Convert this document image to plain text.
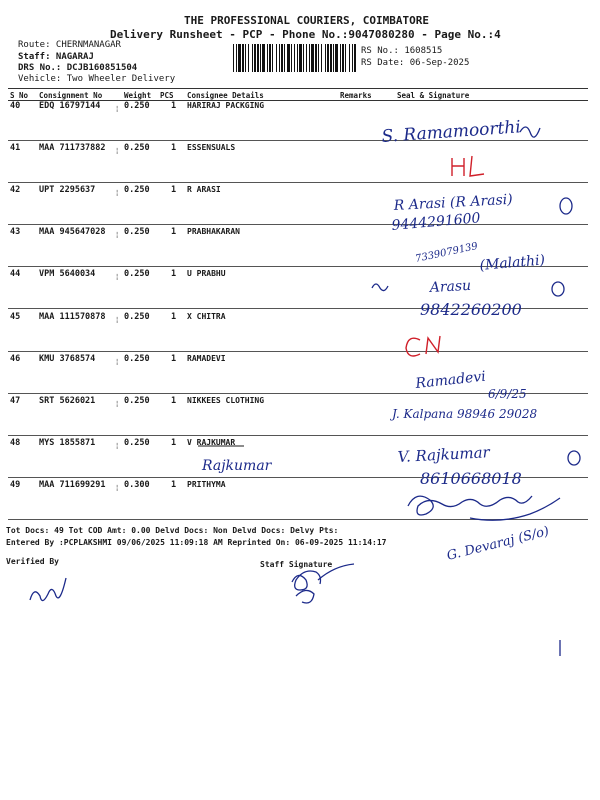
THE PROFESSIONAL COURIERS, COIMBATORE
Delivery Runsheet - PCP - Phone No.:9047080280 - Page No.:4
Route: CHERNMANAGAR
Staff: NAGARAJ
DRS No.: DCJB160851504
Vehicle: Two Wheeler Delivery
RS No.: 1608515
RS Date: 06-Sep-2025
S No Consignment No	Weight PCS Consignee Details	Remarks	Seal & Signature
40 EDQ 16797144	0.250	1 HARIRAJ PACKGING
¦
41 MAA 711737882 0.250	1 ESSENSUALS
¦
42 UPT 2295637	0.250	1 R ARASI
¦
43 MAA 945647028 0.250	1 PRABHAKARAN
¦
44 VPM 5640034	0.250	1 U PRABHU
¦
45 MAA 111570878 0.250	1 X CHITRA
¦
46 KMU 3768574	0.250	1 RAMADEVI
¦
47 SRT 5626021	0.250	1 NIKKEES CLOTHING
¦
48 MYS 1855871	0.250	1 V RAJKUMAR
¦
49 MAA 711699291 0.300	1 PRITHYMA
¦
Tot Docs: 49 Tot COD Amt: 0.00 Delvd Docs: Non Delvd Docs: Delvy Pts:
Entered By :PCPLAKSHMI 09/06/2025 11:09:18 AM Reprinted On: 06-09-2025 11:14:17
Verified By	Staff Signature
S. Ramamoorthi
R Arasi (R Arasi)
9444291600
7339079139 (Malathi)
Arasu
9842260200
Ramadevi
6/9/25
J. Kalpana 98946 29028
Rajkumar
V. Rajkumar
8610668018
G. Devaraj (S/o)
